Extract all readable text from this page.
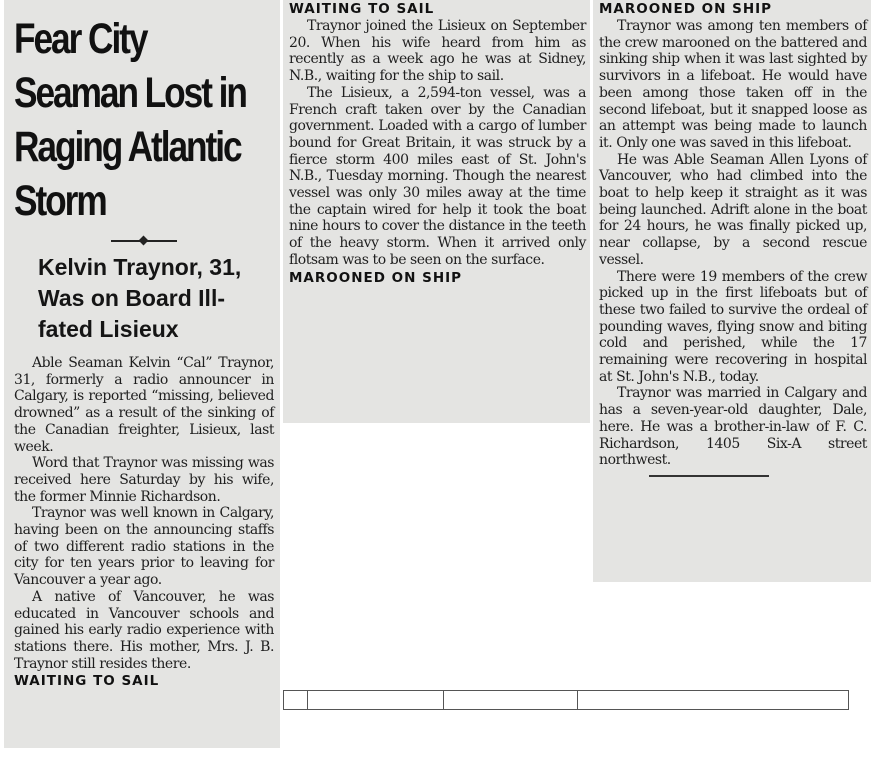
Fear City Seaman Lost in Raging Atlantic Storm
Kelvin Traynor, 31, Was on Board Ill-fated Lisieux

Able Seaman Kelvin “Cal” Traynor, 31, formerly a radio announcer in Calgary, is reported “missing, believed drowned” as a result of the sinking of the Canadian freighter, Lisieux, last week.

Word that Traynor was missing was received here Saturday by his wife, the former Minnie Richardson.

Traynor was well known in Calgary, having been on the announcing staffs of two different radio stations in the city for ten years prior to leaving for Vancouver a year ago.

A native of Vancouver, he was educated in Vancouver schools and gained his early radio experience with stations there. His mother, Mrs. J. B. Traynor still resides there.

WAITING TO SAIL
WAITING TO SAIL

Traynor joined the Lisieux on September 20. When his wife heard from him as recently as a week ago he was at Sidney, N.B., waiting for the ship to sail.

The Lisieux, a 2,594-ton vessel, was a French craft taken over by the Canadian government. Loaded with a cargo of lumber bound for Great Britain, it was struck by a fierce storm 400 miles east of St. John's N.B., Tuesday morning. Though the nearest vessel was only 30 miles away at the time the captain wired for help it took the boat nine hours to cover the distance in the teeth of the heavy storm. When it arrived only flotsam was to be seen on the surface.

MAROONED ON SHIP
MAROONED ON SHIP

Traynor was among ten members of the crew marooned on the battered and sinking ship when it was last sighted by survivors in a lifeboat. He would have been among those taken off in the second lifeboat, but it snapped loose as an attempt was being made to launch it. Only one was saved in this lifeboat.

He was Able Seaman Allen Lyons of Vancouver, who had climbed into the boat to help keep it straight as it was being launched. Adrift alone in the boat for 24 hours, he was finally picked up, near collapse, by a second rescue vessel.

There were 19 members of the crew picked up in the first lifeboats but of these two failed to survive the ordeal of pounding waves, flying snow and biting cold and perished, while the 17 remaining were recovering in hospital at St. John's N.B., today.

Traynor was married in Calgary and has a seven-year-old daughter, Dale, here. He was a brother-in-law of F. C. Richardson, 1405 Six-A street northwest.
